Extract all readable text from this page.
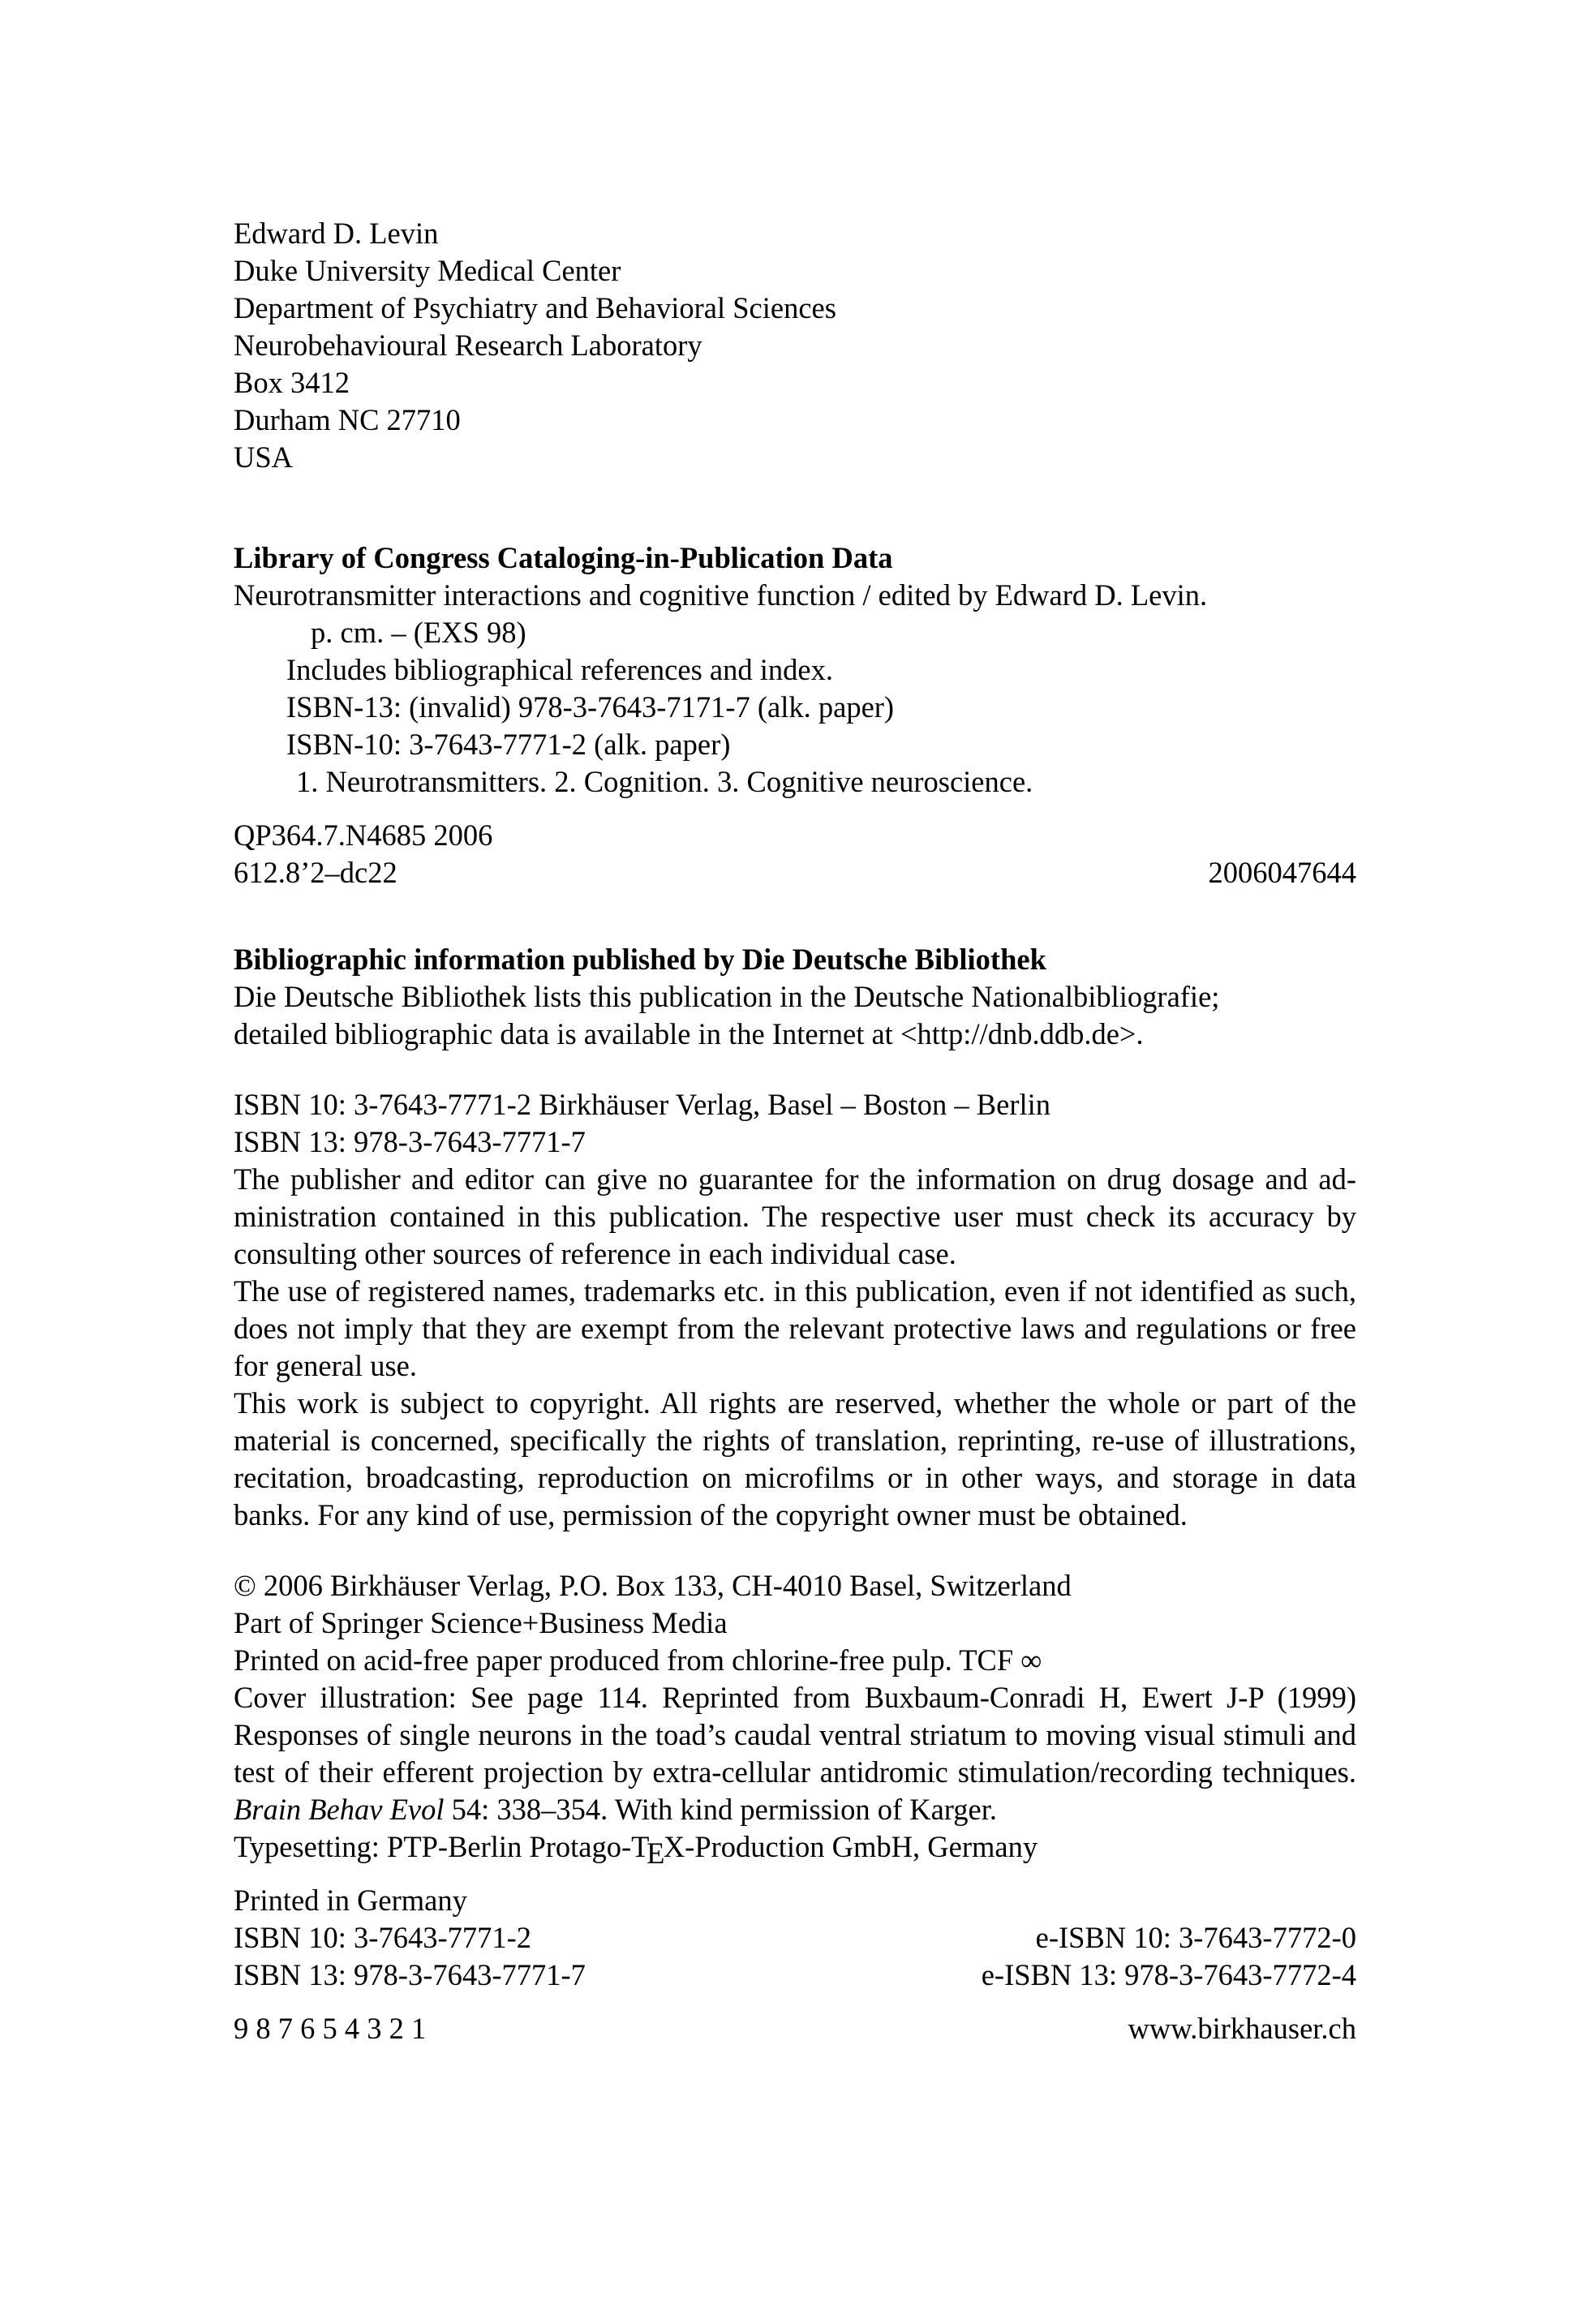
Edward D. Levin
Duke University Medical Center
Department of Psychiatry and Behavioral Sciences
Neurobehavioural Research Laboratory
Box 3412
Durham NC 27710
USA
Library of Congress Cataloging-in-Publication Data
Neurotransmitter interactions and cognitive function / edited by Edward D. Levin.
p. cm. – (EXS 98)
Includes bibliographical references and index.
ISBN-13: (invalid) 978-3-7643-7171-7 (alk. paper)
ISBN-10: 3-7643-7771-2 (alk. paper)
1. Neurotransmitters. 2. Cognition. 3. Cognitive neuroscience.
QP364.7.N4685 2006
612.8’2–dc22	2006047644
Bibliographic information published by Die Deutsche Bibliothek
Die Deutsche Bibliothek lists this publication in the Deutsche Nationalbibliografie;
detailed bibliographic data is available in the Internet at <http://dnb.ddb.de>.
ISBN 10: 3-7643-7771-2 Birkhäuser Verlag, Basel – Boston – Berlin
ISBN 13: 978-3-7643-7771-7
The publisher and editor can give no guarantee for the information on drug dosage and ad-
ministration contained in this publication. The respective user must check its accuracy by
consulting other sources of reference in each individual case.
The use of registered names, trademarks etc. in this publication, even if not identified as such,
does not imply that they are exempt from the relevant protective laws and regulations or free
for general use.
This work is subject to copyright. All rights are reserved, whether the whole or part of the
material is concerned, specifically the rights of translation, reprinting, re-use of illustrations,
recitation, broadcasting, reproduction on microfilms or in other ways, and storage in data
banks. For any kind of use, permission of the copyright owner must be obtained.
© 2006 Birkhäuser Verlag, P.O. Box 133, CH-4010 Basel, Switzerland
Part of Springer Science+Business Media
Printed on acid-free paper produced from chlorine-free pulp. TCF ∞
Cover illustration: See page 114. Reprinted from Buxbaum-Conradi H, Ewert J-P (1999)
Responses of single neurons in the toad’s caudal ventral striatum to moving visual stimuli and
test of their efferent projection by extra-cellular antidromic stimulation/recording techniques.
Brain Behav Evol 54: 338–354. With kind permission of Karger.
Typesetting: PTP-Berlin Protago-TEX-Production GmbH, Germany
Printed in Germany
ISBN 10: 3-7643-7771-2	e-ISBN 10: 3-7643-7772-0
ISBN 13: 978-3-7643-7771-7	e-ISBN 13: 978-3-7643-7772-4
9 8 7 6 5 4 3 2 1	www.birkhauser.ch
